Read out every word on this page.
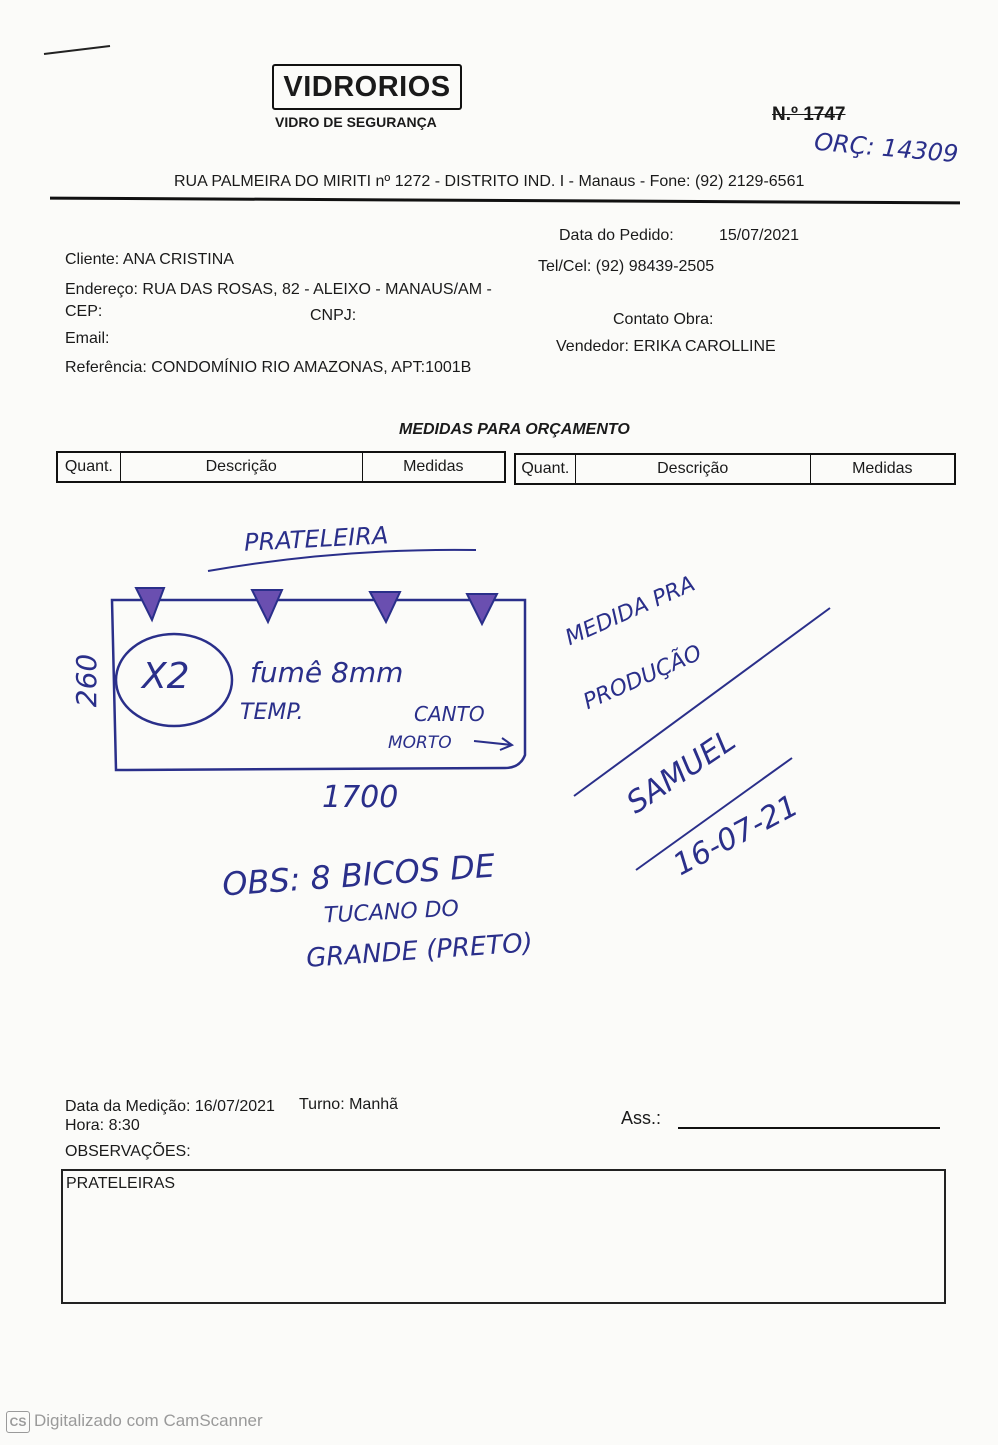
VIDRORIOS
VIDRO DE SEGURANÇA	N.º 1747
ORÇ: 14309
RUA PALMEIRA DO MIRITI nº 1272 - DISTRITO IND. I - Manaus - Fone: (92) 2129-6561
Cliente: ANA CRISTINA
Endereço: RUA DAS ROSAS, 82 - ALEIXO - MANAUS/AM -
CEP:	CNPJ:
Email:
Referência: CONDOMÍNIO RIO AMAZONAS, APT:1001B
Data do Pedido:	15/07/2021
Tel/Cel: (92) 98439-2505
Contato Obra:
Vendedor: ERIKA CAROLLINE
MEDIDAS PARA ORÇAMENTO
Quant.	Descrição	Medidas	Quant.	Descrição	Medidas
PRATELEIRA
260 X2 fumê 8mm
TEMP.	CANTO
MORTO
1700
MEDIDA PRA
PRODUÇÃO
SAMUEL
16-07-21
OBS: 8 BICOS DE
TUCANO DO
GRANDE (PRETO)
Data da Medição: 16/07/2021 Turno: Manhã
Hora: 8:30	Ass.:
OBSERVAÇÕES:
PRATELEIRAS
CS Digitalizado com CamScanner
